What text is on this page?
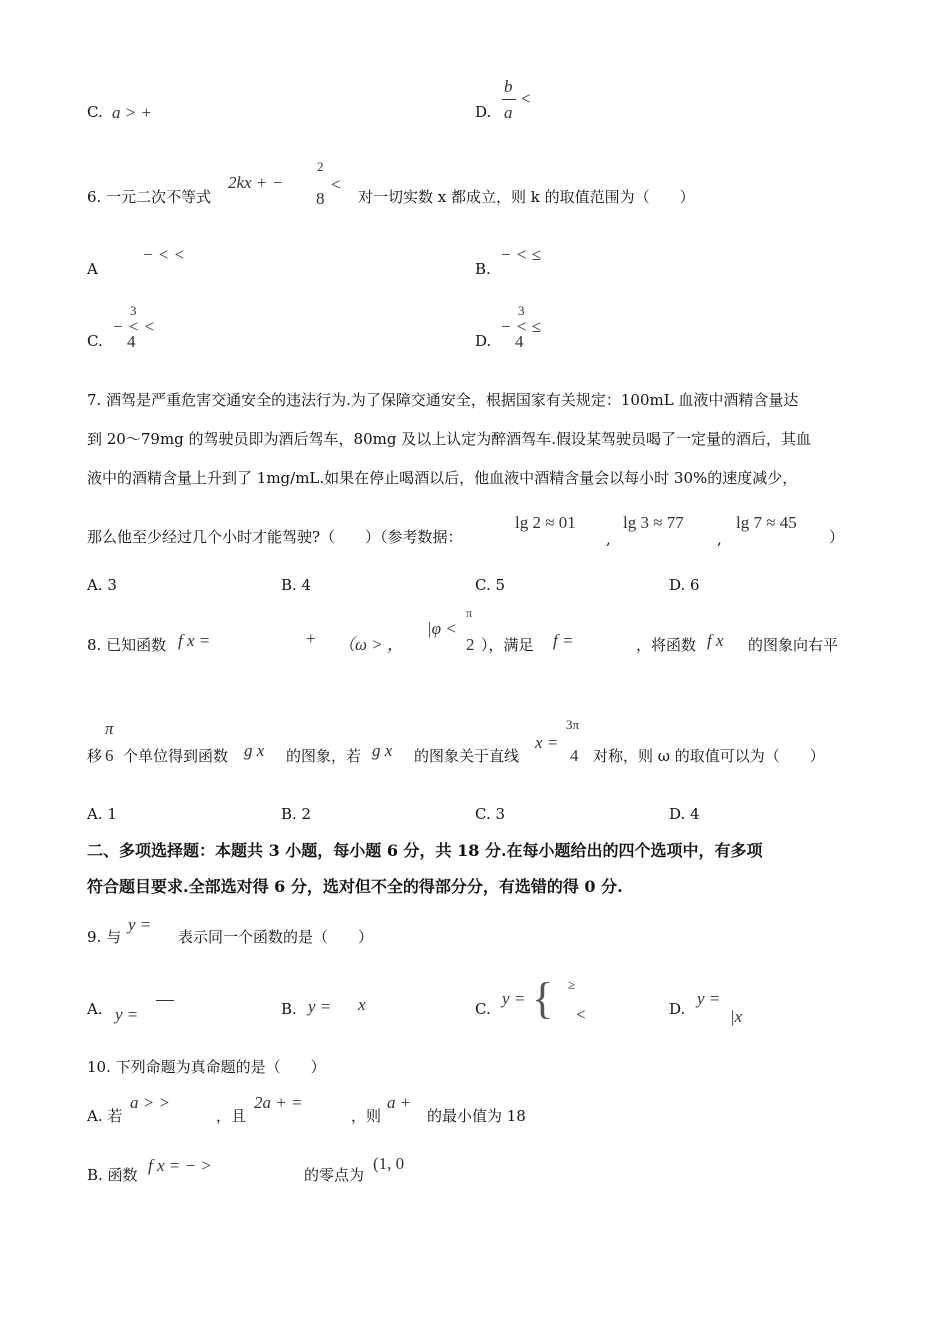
C. a > +	D.
b
a
<
6. 一元二次不等式
2kx + −
2
8
<
对一切实数 x 都成立，则 k 的取值范围为（　　）
A
− < <
B.
− < ≤
C.
3
− < <
4	D.
3
− < ≤
4
7. 酒驾是严重危害交通安全的违法行为.为了保障交通安全，根据国家有关规定：100mL 血液中酒精含量达
到 20～79mg 的驾驶员即为酒后驾车，80mg 及以上认定为醉酒驾车.假设某驾驶员喝了一定量的酒后，其血
液中的酒精含量上升到了 1mg/mL.如果在停止喝酒以后，他血液中酒精含量会以每小时 30%的速度减少，
那么他至少经过几个小时才能驾驶?（　　）（参考数据：
lg 2 ≈ 01
,
lg 3 ≈ 77
,
lg 7 ≈ 45
）
A. 3	B. 4	C. 5	D. 6
8. 已知函数 f x =	+ （ω > ，
|φ <
π
2 ），满足 f =	，将函数 f x 的图象向右平
π
移 6 个单位得到函数 g x 的图象，若 g x 的图象关于直线
x =
3π
4 对称，则 ω 的取值可以为（　　）
A. 1	B. 2	C. 3	D. 4
二、多项选择题：本题共 3 小题，每小题 6 分，共 18 分.在每小题给出的四个选项中，有多项
符合题目要求.全部选对得 6 分，选对但不全的得部分分，有选错的得 0 分.
9. 与
y =
表示同一个函数的是（　　）
A. y =	B. y = x	C.
y = { ≥
<	D.
y =
|x
10. 下列命题为真命题的是（　　）
A. 若
a > >
，且
2a + =
，则
a +
的最小值为 18
B. 函数 f x = − >	的零点为
(1, 0
